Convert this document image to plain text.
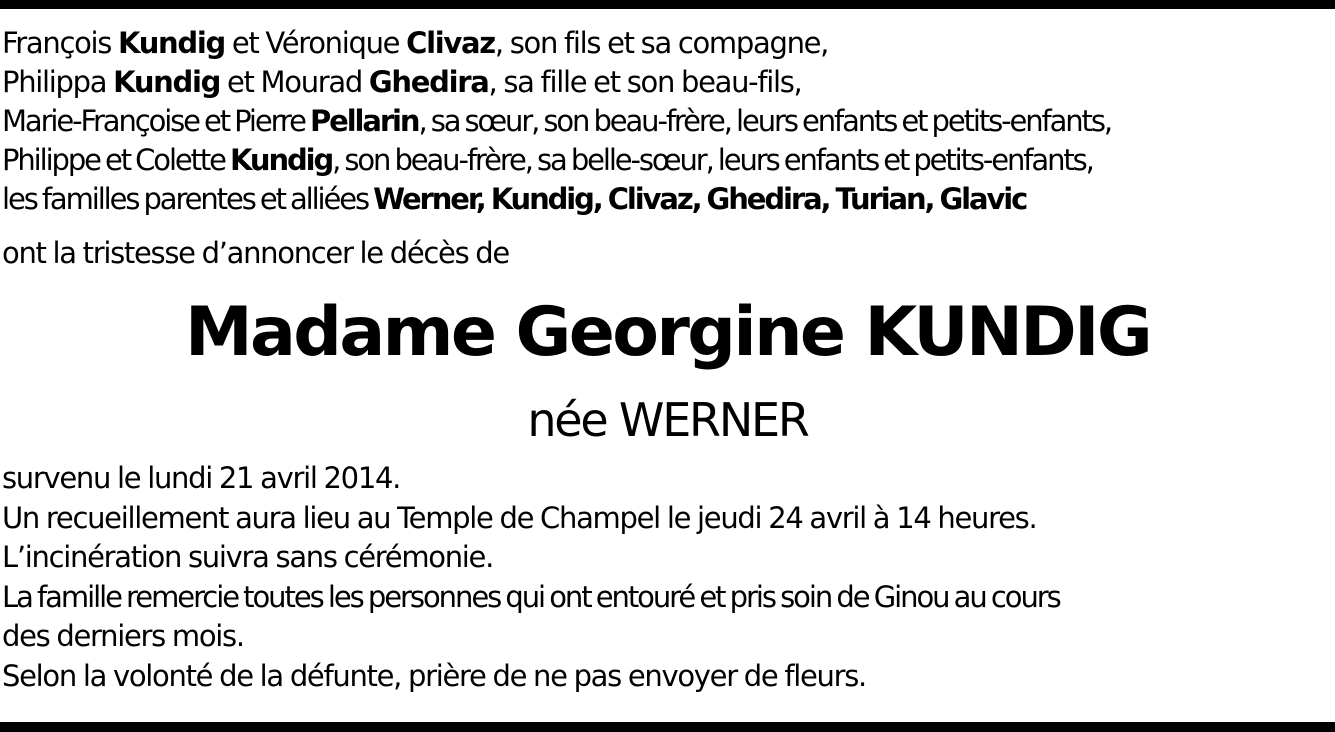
François Kundig et Véronique Clivaz, son fils et sa compagne,
Philippa Kundig et Mourad Ghedira, sa fille et son beau-fils,
Marie-Françoise et Pierre Pellarin, sa sœur, son beau-frère, leurs enfants et petits-enfants,
Philippe et Colette Kundig, son beau-frère, sa belle-sœur, leurs enfants et petits-enfants,
les familles parentes et alliées Werner, Kundig, Clivaz, Ghedira, Turian, Glavic
ont la tristesse d’annoncer le décès de
Madame Georgine KUNDIG
née WERNER
survenu le lundi 21 avril 2014.
Un recueillement aura lieu au Temple de Champel le jeudi 24 avril à 14 heures.
L’incinération suivra sans cérémonie.
La famille remercie toutes les personnes qui ont entouré et pris soin de Ginou au cours
des derniers mois.
Selon la volonté de la défunte, prière de ne pas envoyer de fleurs.
